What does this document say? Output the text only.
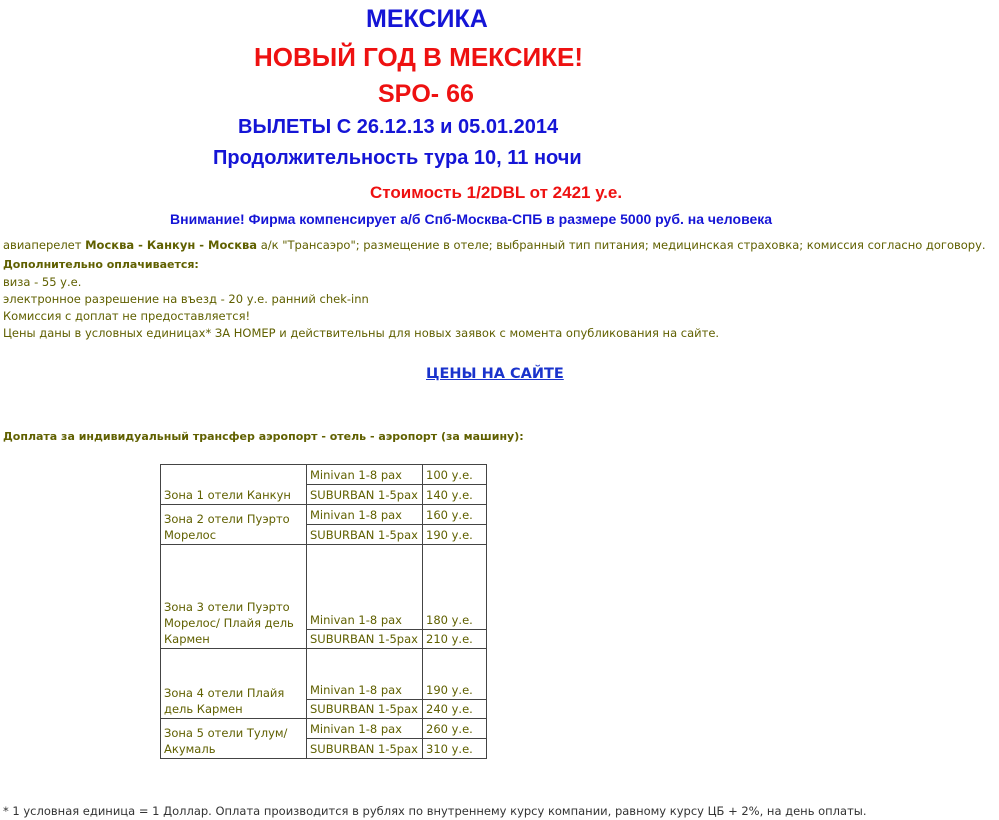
МЕКСИКА
НОВЫЙ ГОД В МЕКСИКЕ!
SPO- 66
ВЫЛЕТЫ С 26.12.13 и 05.01.2014
Продолжительность тура 10, 11 ночи
Стоимость 1/2DBL от 2421 у.е.
Внимание! Фирма компенсирует а/б Спб-Москва-СПБ в размере 5000 руб. на человека
авиаперелет Москва - Канкун - Москва а/к "Трансаэро"; размещение в отеле; выбранный тип питания; медицинская страховка; комиссия согласно договору.
Дополнительно оплачивается:
виза - 55 у.е.
электронное разрешение на въезд - 20 у.е. ранний chek-inn
Комиссия с доплат не предоставляется!
Цены даны в условных единицах* ЗА НОМЕР и действительны для новых заявок с момента опубликования на сайте.
ЦЕНЫ НА САЙТЕ
Доплата за индивидуальный трансфер аэропорт - отель - аэропорт (за машину):
Зона 1 отели Канкун	Minivan 1-8 pax	100 у.е.
	SUBURBAN 1-5pax	140 у.е.
Зона 2 отели Пуэрто Морелос	Minivan 1-8 pax	160 у.е.
	SUBURBAN 1-5pax	190 у.е.
Зона 3 отели Пуэрто Морелос/ Плайя дель Кармен	Minivan 1-8 pax	180 у.е.
	SUBURBAN 1-5pax	210 у.е.
Зона 4 отели Плайя дель Кармен	Minivan 1-8 pax	190 у.е.
	SUBURBAN 1-5pax	240 у.е.
Зона 5 отели Тулум/Акумаль	Minivan 1-8 pax	260 у.е.
	SUBURBAN 1-5pax	310 у.е.
* 1 условная единица = 1 Доллар. Оплата производится в рублях по внутреннему курсу компании, равному курсу ЦБ + 2%, на день оплаты.
